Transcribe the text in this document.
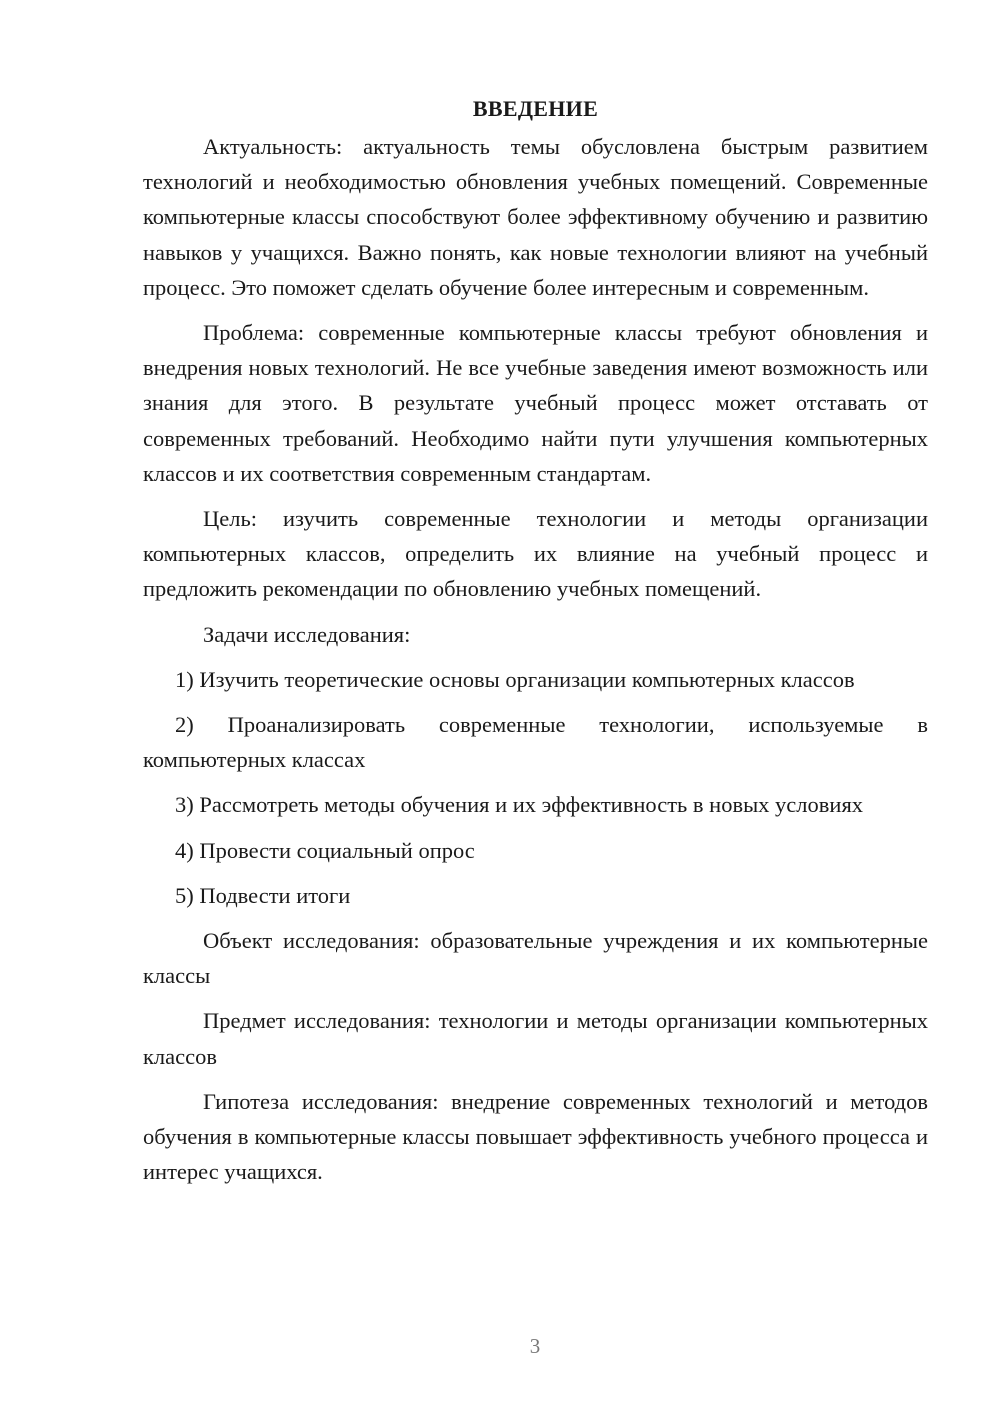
ВВЕДЕНИЕ

Актуальность: актуальность темы обусловлена быстрым развитием технологий и необходимостью обновления учебных помещений. Современные компьютерные классы способствуют более эффективному обучению и развитию навыков у учащихся. Важно понять, как новые технологии влияют на учебный процесс. Это поможет сделать обучение более интересным и современным.

Проблема: современные компьютерные классы требуют обновления и внедрения новых технологий. Не все учебные заведения имеют возможность или знания для этого. В результате учебный процесс может отставать от современных требований. Необходимо найти пути улучшения компьютерных классов и их соответствия современным стандартам.

Цель: изучить современные технологии и методы организации компьютерных классов, определить их влияние на учебный процесс и предложить рекомендации по обновлению учебных помещений.

Задачи исследования:

1) Изучить теоретические основы организации компьютерных классов

2) Проанализировать современные технологии, используемые в компьютерных классах

3) Рассмотреть методы обучения и их эффективность в новых условиях

4) Провести социальный опрос

5) Подвести итоги

Объект исследования: образовательные учреждения и их компьютерные классы

Предмет исследования: технологии и методы организации компьютерных классов

Гипотеза исследования: внедрение современных технологий и методов обучения в компьютерные классы повышает эффективность учебного процесса и интерес учащихся.

3
